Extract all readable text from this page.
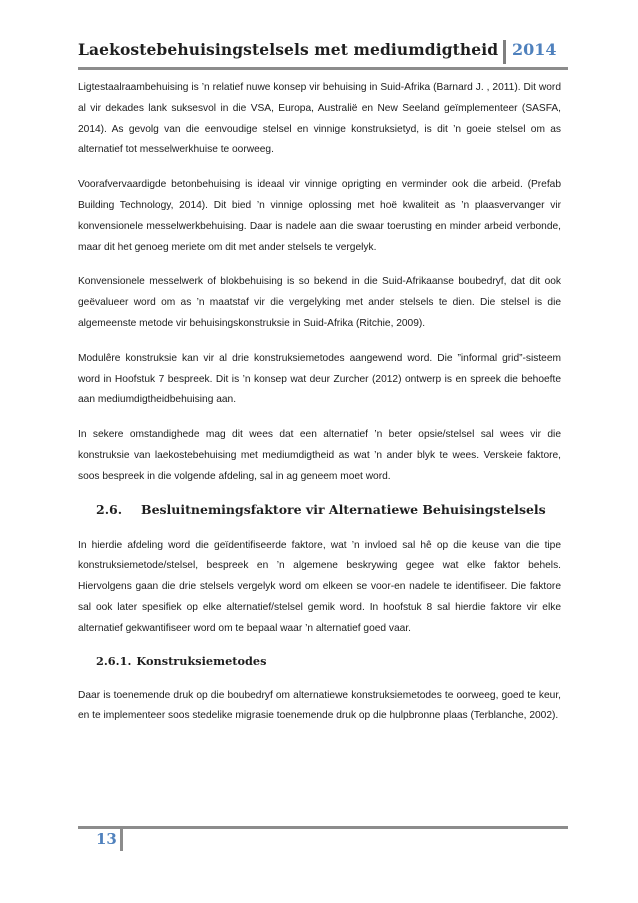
Laekostebehuisingstelsels met mediumdigtheid 2014

Ligtestaalraambehuising is ’n relatief nuwe konsep vir behuising in Suid-Afrika (Barnard J. , 2011). Dit word al vir dekades lank suksesvol in die VSA, Europa, Australië en New Seeland geïmplementeer (SASFA, 2014). As gevolg van die eenvoudige stelsel en vinnige konstruksietyd, is dit ’n goeie stelsel om as alternatief tot messelwerkhuise te oorweeg.

Voorafvervaardigde betonbehuising is ideaal vir vinnige oprigting en verminder ook die arbeid. (Prefab Building Technology, 2014). Dit bied ’n vinnige oplossing met hoë kwaliteit as ’n plaasvervanger vir konvensionele messelwerkbehuising. Daar is nadele aan die swaar toerusting en minder arbeid verbonde, maar dit het genoeg meriete om dit met ander stelsels te vergelyk.

Konvensionele messelwerk of blokbehuising is so bekend in die Suid-Afrikaanse boubedryf, dat dit ook geëvalueer word om as ’n maatstaf vir die vergelyking met ander stelsels te dien. Die stelsel is die algemeenste metode vir behuisingskonstruksie in Suid-Afrika (Ritchie, 2009).

Modulêre konstruksie kan vir al drie konstruksiemetodes aangewend word. Die ”informal grid”-sisteem word in Hoofstuk 7 bespreek. Dit is ’n konsep wat deur Zurcher (2012) ontwerp is en spreek die behoefte aan mediumdigtheidbehuising aan.

In sekere omstandighede mag dit wees dat een alternatief ’n beter opsie/stelsel sal wees vir die konstruksie van laekostebehuising met mediumdigtheid as wat ’n ander blyk te wees. Verskeie faktore, soos bespreek in die volgende afdeling, sal in ag geneem moet word.

2.6. Besluitnemingsfaktore vir Alternatiewe Behuisingstelsels

In hierdie afdeling word die geïdentifiseerde faktore, wat ’n invloed sal hê op die keuse van die tipe konstruksiemetode/stelsel, bespreek en ’n algemene beskrywing gegee wat elke faktor behels. Hiervolgens gaan die drie stelsels vergelyk word om elkeen se voor-en nadele te identifiseer. Die faktore sal ook later spesifiek op elke alternatief/stelsel gemik word. In hoofstuk 8 sal hierdie faktore vir elke alternatief gekwantifiseer word om te bepaal waar ’n alternatief goed vaar.

2.6.1. Konstruksiemetodes

Daar is toenemende druk op die boubedryf om alternatiewe konstruksiemetodes te oorweeg, goed te keur, en te implementeer soos stedelike migrasie toenemende druk op die hulpbronne plaas (Terblanche, 2002).

13
